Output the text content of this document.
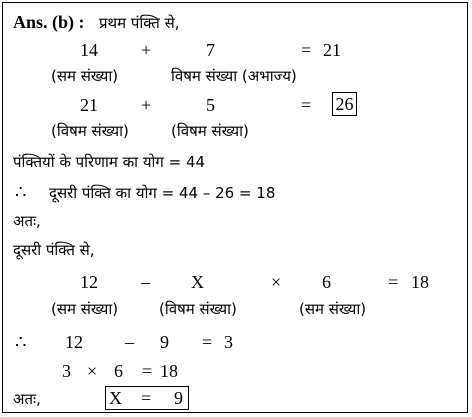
Ans. (b) : प्रथम पंक्ति से,
14 +	7	= 21
(सम संख्या)	विषम संख्या (अभाज्य)
21 +	5	= 26
(विषम संख्या)	(विषम संख्या)
पंक्तियों के परिणाम का योग = 44
∴ दूसरी पंक्ति का योग = 44 – 26 = 18
अतः,
दूसरी पंक्ति से,
12 – X	× 6	= 18
(सम संख्या)	(विषम संख्या)	(सम संख्या)
∴ 12 – 9 = 3
3 × 6 = 18
अतः,	X = 9
